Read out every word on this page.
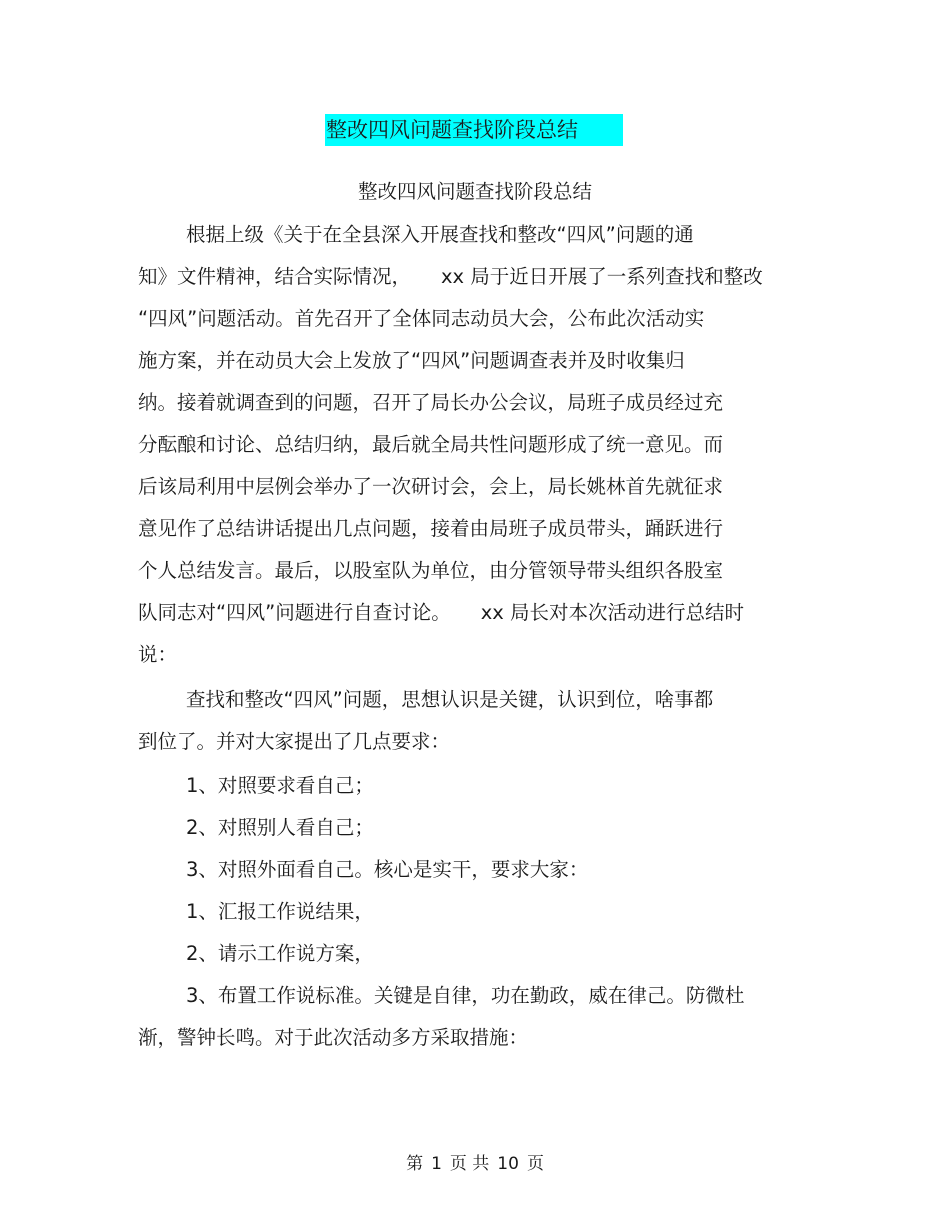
整改四风问题查找阶段总结
整改四风问题查找阶段总结
根据上级《关于在全县深入开展查找和整改“四风”问题的通
知》文件精神，结合实际情况， xx 局于近日开展了一系列查找和整改
“四风”问题活动。首先召开了全体同志动员大会，公布此次活动实
施方案，并在动员大会上发放了“四风”问题调查表并及时收集归
纳。接着就调查到的问题，召开了局长办公会议，局班子成员经过充
分酝酿和讨论、总结归纳，最后就全局共性问题形成了统一意见。而
后该局利用中层例会举办了一次研讨会，会上，局长姚林首先就征求
意见作了总结讲话提出几点问题，接着由局班子成员带头，踊跃进行
个人总结发言。最后，以股室队为单位，由分管领导带头组织各股室
队同志对“四风”问题进行自查讨论。 xx 局长对本次活动进行总结时
说：
查找和整改“四风”问题，思想认识是关键，认识到位，啥事都
到位了。并对大家提出了几点要求：
1、对照要求看自己；
2、对照别人看自己；
3、对照外面看自己。核心是实干，要求大家：
1、汇报工作说结果，
2、请示工作说方案，
3、布置工作说标准。关键是自律，功在勤政，威在律己。防微杜
渐，警钟长鸣。对于此次活动多方采取措施：
第 1 页 共 10 页
